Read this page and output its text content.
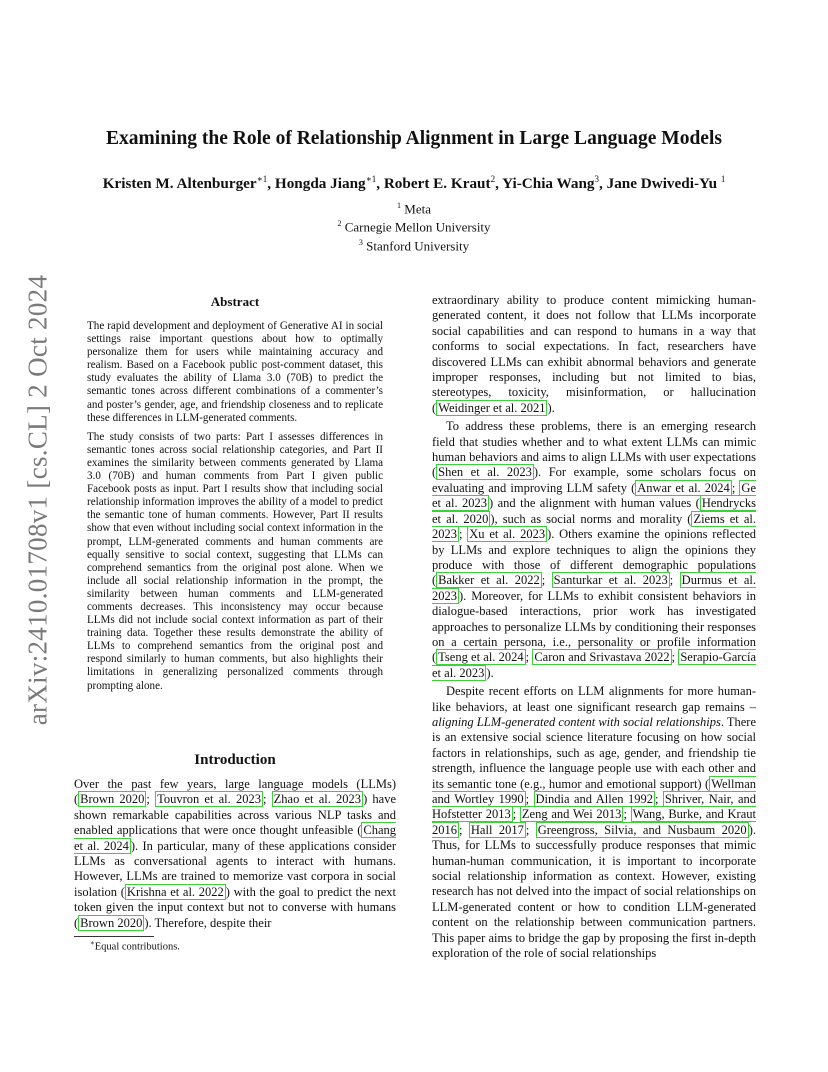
arXiv:2410.01708v1 [cs.CL] 2 Oct 2024
Examining the Role of Relationship Alignment in Large Language Models
Kristen M. Altenburger$^{∗1}$, Hongda Jiang$^{∗1}$, Robert E. Kraut$^2$, Yi-Chia Wang$^3$, Jane Dwivedi-Yu $^1$
$^1$ Meta
$^2$ Carnegie Mellon University
$^3$ Stanford University
Abstract

The rapid development and deployment of Generative AI in social settings raise important questions about how to optimally personalize them for users while maintaining accuracy and realism. Based on a Facebook public post-comment dataset, this study evaluates the ability of Llama 3.0 (70B) to predict the semantic tones across different combinations of a commenter’s and poster’s gender, age, and friendship closeness and to replicate these differences in LLM-generated comments.

The study consists of two parts: Part I assesses differences in semantic tones across social relationship categories, and Part II examines the similarity between comments generated by Llama 3.0 (70B) and human comments from Part I given public Facebook posts as input. Part I results show that including social relationship information improves the ability of a model to predict the semantic tone of human comments. However, Part II results show that even without including social context information in the prompt, LLM-generated comments and human comments are equally sensitive to social context, suggesting that LLMs can comprehend semantics from the original post alone. When we include all social relationship information in the prompt, the similarity between human comments and LLM-generated comments decreases. This inconsistency may occur because LLMs did not include social context information as part of their training data. Together these results demonstrate the ability of LLMs to comprehend semantics from the original post and respond similarly to human comments, but also highlights their limitations in generalizing personalized comments through prompting alone.

Introduction

Over the past few years, large language models (LLMs) ( Brown 2020 ; Touvron et al. 2023 ; Zhao et al. 2023 ) have shown remarkable capabilities across various NLP tasks and enabled applications that were once thought unfeasible ( Chang et al. 2024 ). In particular, many of these applications consider LLMs as conversational agents to interact with humans. However, LLMs are trained to memorize vast corpora in social isolation ( Krishna et al. 2022 ) with the goal to predict the next token given the input context but not to converse with humans ( Brown 2020 ). Therefore, despite their

extraordinary ability to produce content mimicking human-generated content, it does not follow that LLMs incorporate social capabilities and can respond to humans in a way that conforms to social expectations. In fact, researchers have discovered LLMs can exhibit abnormal behaviors and generate improper responses, including but not limited to bias, stereotypes, toxicity, misinformation, or hallucination ( Weidinger et al. 2021 ).

To address these problems, there is an emerging research field that studies whether and to what extent LLMs can mimic human behaviors and aims to align LLMs with user expectations ( Shen et al. 2023 ). For example, some scholars focus on evaluating and improving LLM safety ( Anwar et al. 2024 ; Ge et al. 2023 ) and the alignment with human values ( Hendrycks et al. 2020 ), such as social norms and morality ( Ziems et al. 2023 ; Xu et al. 2023 ). Others examine the opinions reflected by LLMs and explore techniques to align the opinions they produce with those of different demographic populations ( Bakker et al. 2022 ; Santurkar et al. 2023 ; Durmus et al. 2023 ). Moreover, for LLMs to exhibit consistent behaviors in dialogue-based interactions, prior work has investigated approaches to personalize LLMs by conditioning their responses on a certain persona, i.e., personality or profile information ( Tseng et al. 2024 ; Caron and Srivastava 2022 ; Serapio-García et al. 2023 ).

Despite recent efforts on LLM alignments for more human-like behaviors, at least one significant research gap remains – aligning LLM-generated content with social relationships. There is an extensive social science literature focusing on how social factors in relationships, such as age, gender, and friendship tie strength, influence the language people use with each other and its semantic tone (e.g., humor and emotional support) ( Wellman and Wortley 1990 ; Dindia and Allen 1992 ; Shriver, Nair, and Hofstetter 2013 ; Zeng and Wei 2013 ; Wang, Burke, and Kraut 2016 ; Hall 2017 ; Greengross, Silvia, and Nusbaum 2020 ). Thus, for LLMs to successfully produce responses that mimic human-human communication, it is important to incorporate social relationship information as context. However, existing research has not delved into the impact of social relationships on LLM-generated content or how to condition LLM-generated content on the relationship between communication partners. This paper aims to bridge the gap by proposing the first in-depth exploration of the role of social relationships

∗Equal contributions.
